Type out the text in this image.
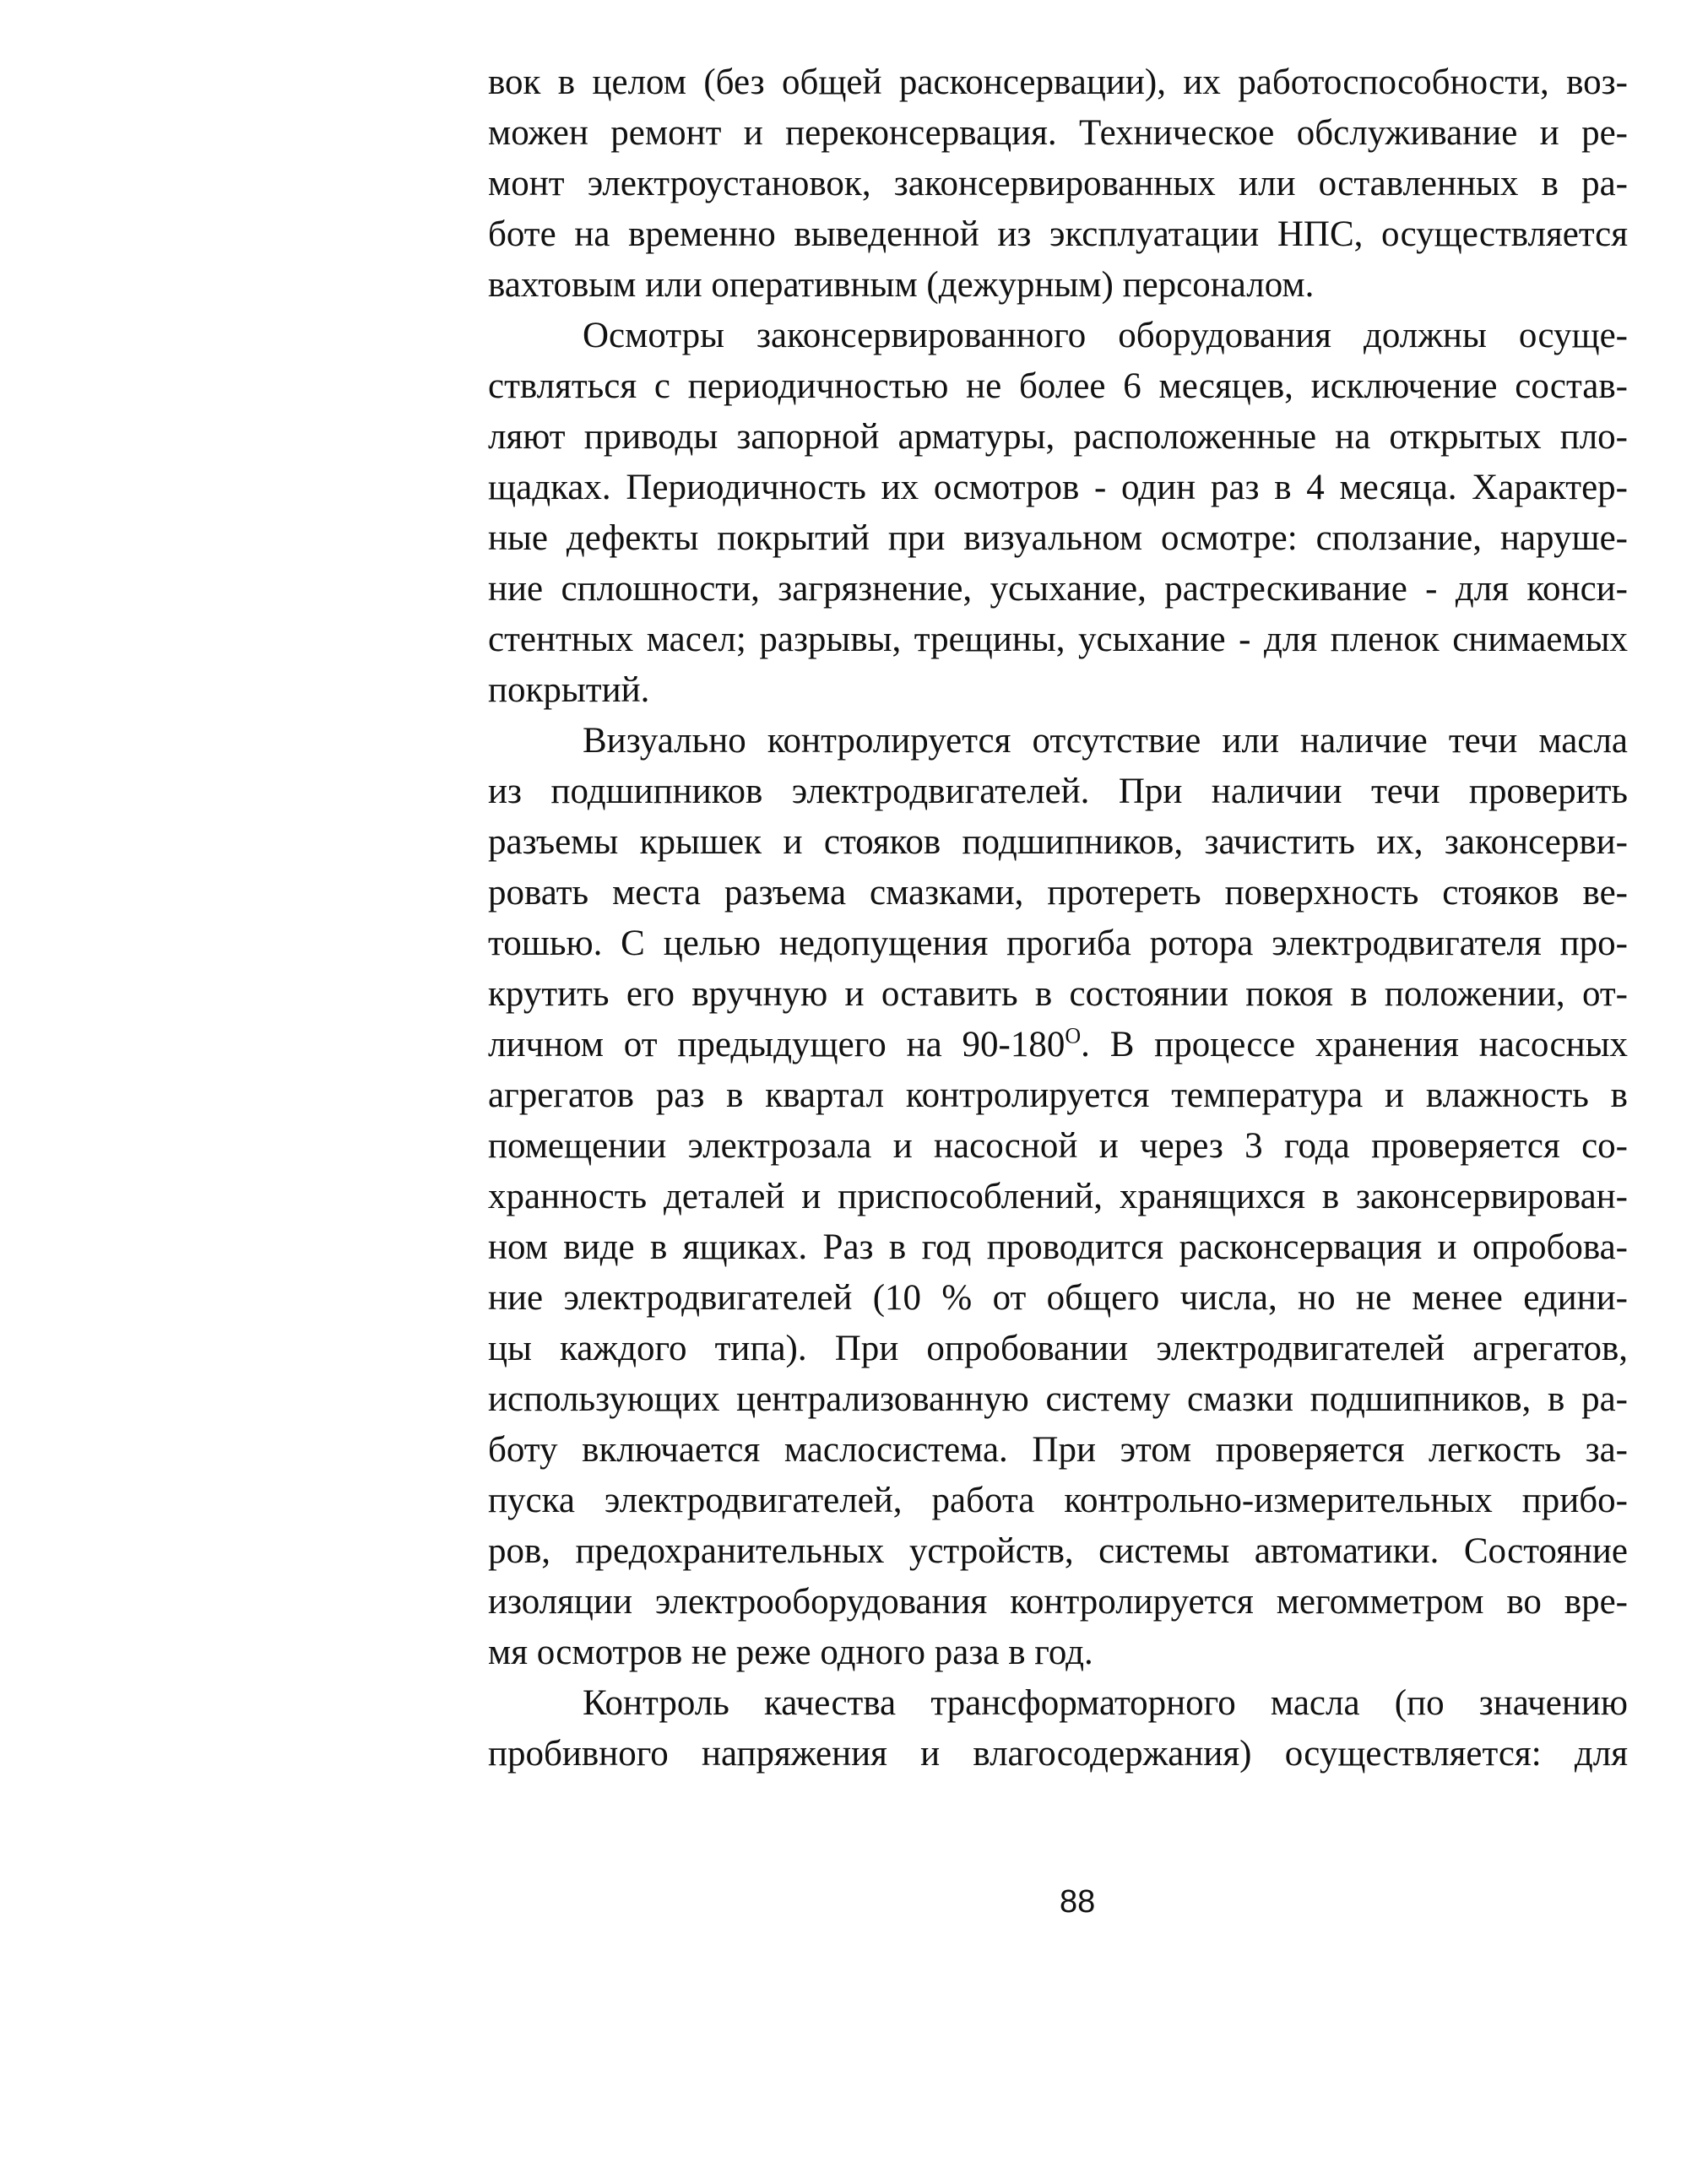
вок в целом (без общей расконсервации), их работоспособности, воз-
можен ремонт и переконсервация. Техническое обслуживание и ре-
монт электроустановок, законсервированных или оставленных в ра-
боте на временно выведенной из эксплуатации НПС, осуществляется
вахтовым или оперативным (дежурным) персоналом.
Осмотры законсервированного оборудования должны осуще-
ствляться с периодичностью не более 6 месяцев, исключение состав-
ляют приводы запорной арматуры, расположенные на открытых пло-
щадках. Периодичность их осмотров - один раз в 4 месяца. Характер-
ные дефекты покрытий при визуальном осмотре: сползание, наруше-
ние сплошности, загрязнение, усыхание, растрескивание - для конси-
стентных масел; разрывы, трещины, усыхание - для пленок снимаемых
покрытий.
Визуально контролируется отсутствие или наличие течи масла
из подшипников электродвигателей. При наличии течи проверить
разъемы крышек и стояков подшипников, зачистить их, законсерви-
ровать места разъема смазками, протереть поверхность стояков ве-
тошью. С целью недопущения прогиба ротора электродвигателя про-
крутить его вручную и оставить в состоянии покоя в положении, от-
личном от предыдущего на $90-180^O$. В процессе хранения насосных
агрегатов раз в квартал контролируется температура и влажность в
помещении электрозала и насосной и через 3 года проверяется со-
хранность деталей и приспособлений, хранящихся в законсервирован-
ном виде в ящиках. Раз в год проводится расконсервация и опробова-
ние электродвигателей (10 % от общего числа, но не менее едини-
цы каждого типа). При опробовании электродвигателей агрегатов,
использующих централизованную систему смазки подшипников, в ра-
боту включается маслосистема. При этом проверяется легкость за-
пуска электродвигателей, работа контрольно-измерительных прибо-
ров, предохранительных устройств, системы автоматики. Состояние
изоляции электрооборудования контролируется мегомметром во вре-
мя осмотров не реже одного раза в год.
Контроль качества трансформаторного масла (по значению
пробивного напряжения и влагосодержания) осуществляется: для
88
